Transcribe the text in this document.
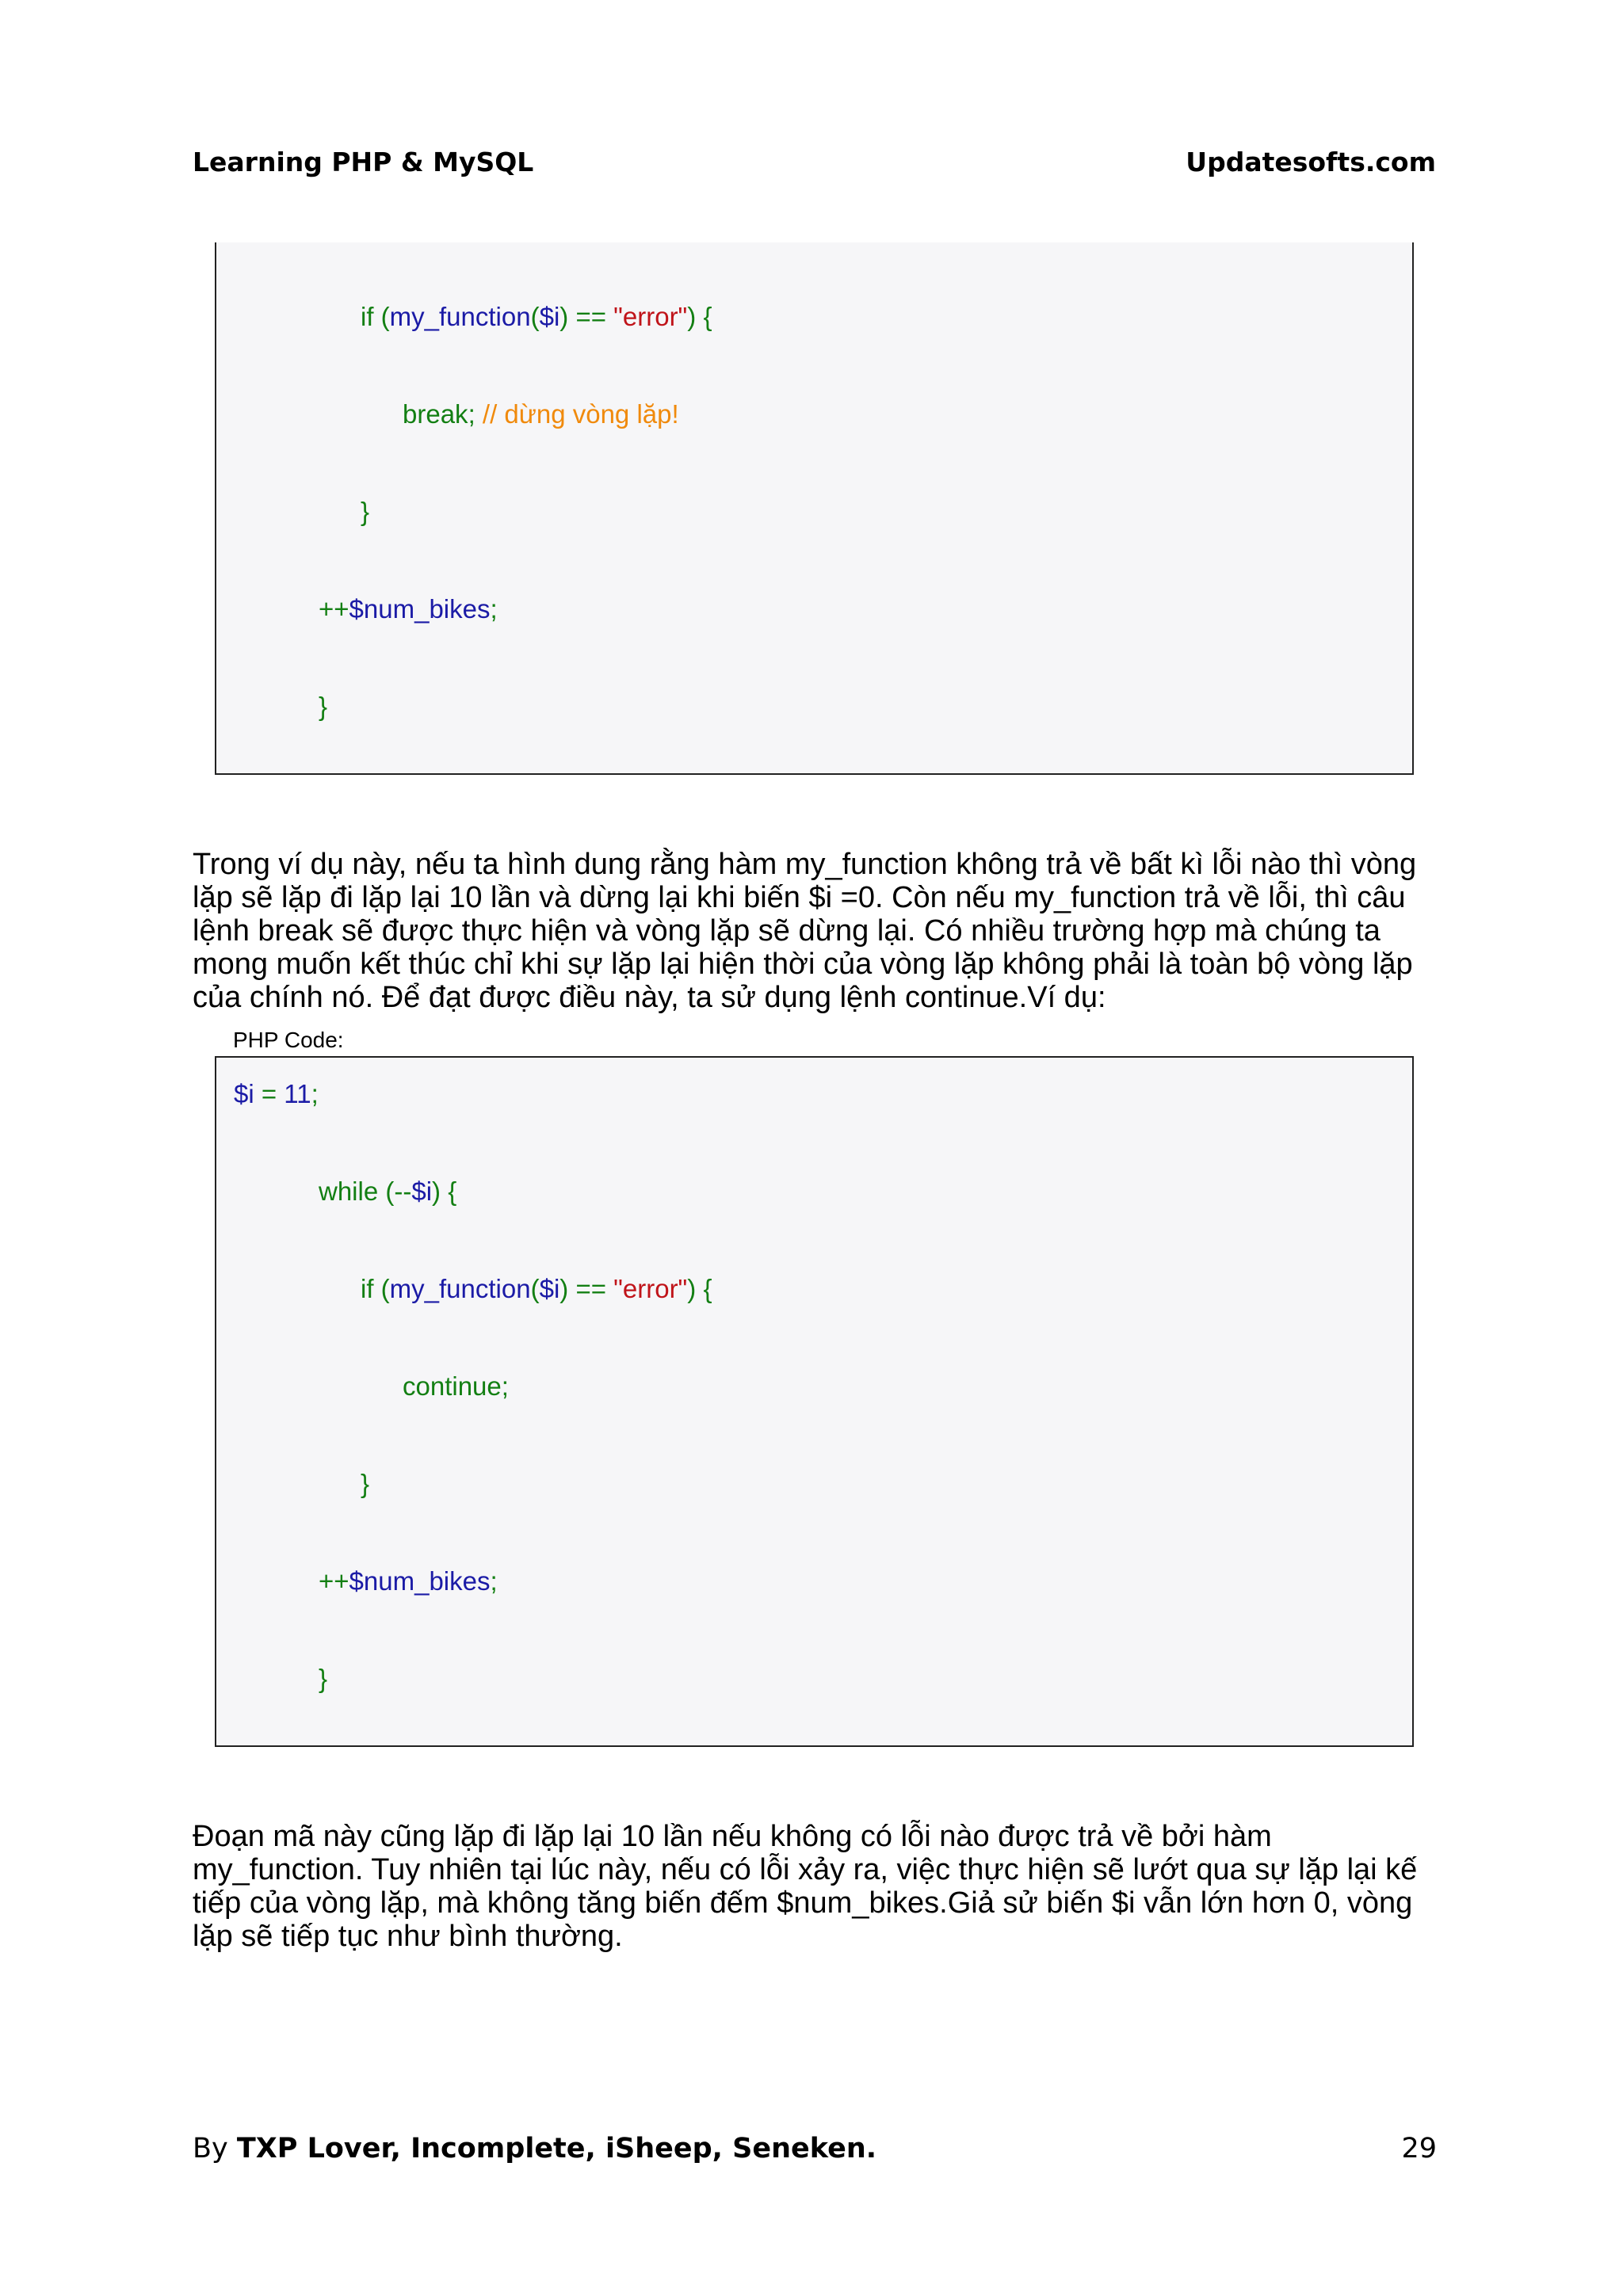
Learning PHP & MySQL	Updatesofts.com
if (my_function($i) == "error") {
break; // dừng vòng lặp!
}
++$num_bikes;
}

Trong ví dụ này, nếu ta hình dung rằng hàm my_function không trả về bất kì lỗi nào thì vòng lặp sẽ lặp đi lặp lại 10 lần và dừng lại khi biến $i =0. Còn nếu my_function trả về lỗi, thì câu lệnh break sẽ được thực hiện và vòng lặp sẽ dừng lại. Có nhiều trường hợp mà chúng ta mong muốn kết thúc chỉ khi sự lặp lại hiện thời của vòng lặp không phải là toàn bộ vòng lặp của chính nó. Để đạt được điều này, ta sử dụng lệnh continue.Ví dụ:

PHP Code:
$i = 11;
while (--$i) {
if (my_function($i) == "error") {
continue;
}
++$num_bikes;
}

Đoạn mã này cũng lặp đi lặp lại 10 lần nếu không có lỗi nào được trả về bởi hàm my_function. Tuy nhiên tại lúc này, nếu có lỗi xảy ra, việc thực hiện sẽ lướt qua sự lặp lại kế tiếp của vòng lặp, mà không tăng biến đếm $num_bikes.Giả sử biến $i vẫn lớn hơn 0, vòng lặp sẽ tiếp tục như bình thường.

By TXP Lover, Incomplete, iSheep, Seneken.	29
